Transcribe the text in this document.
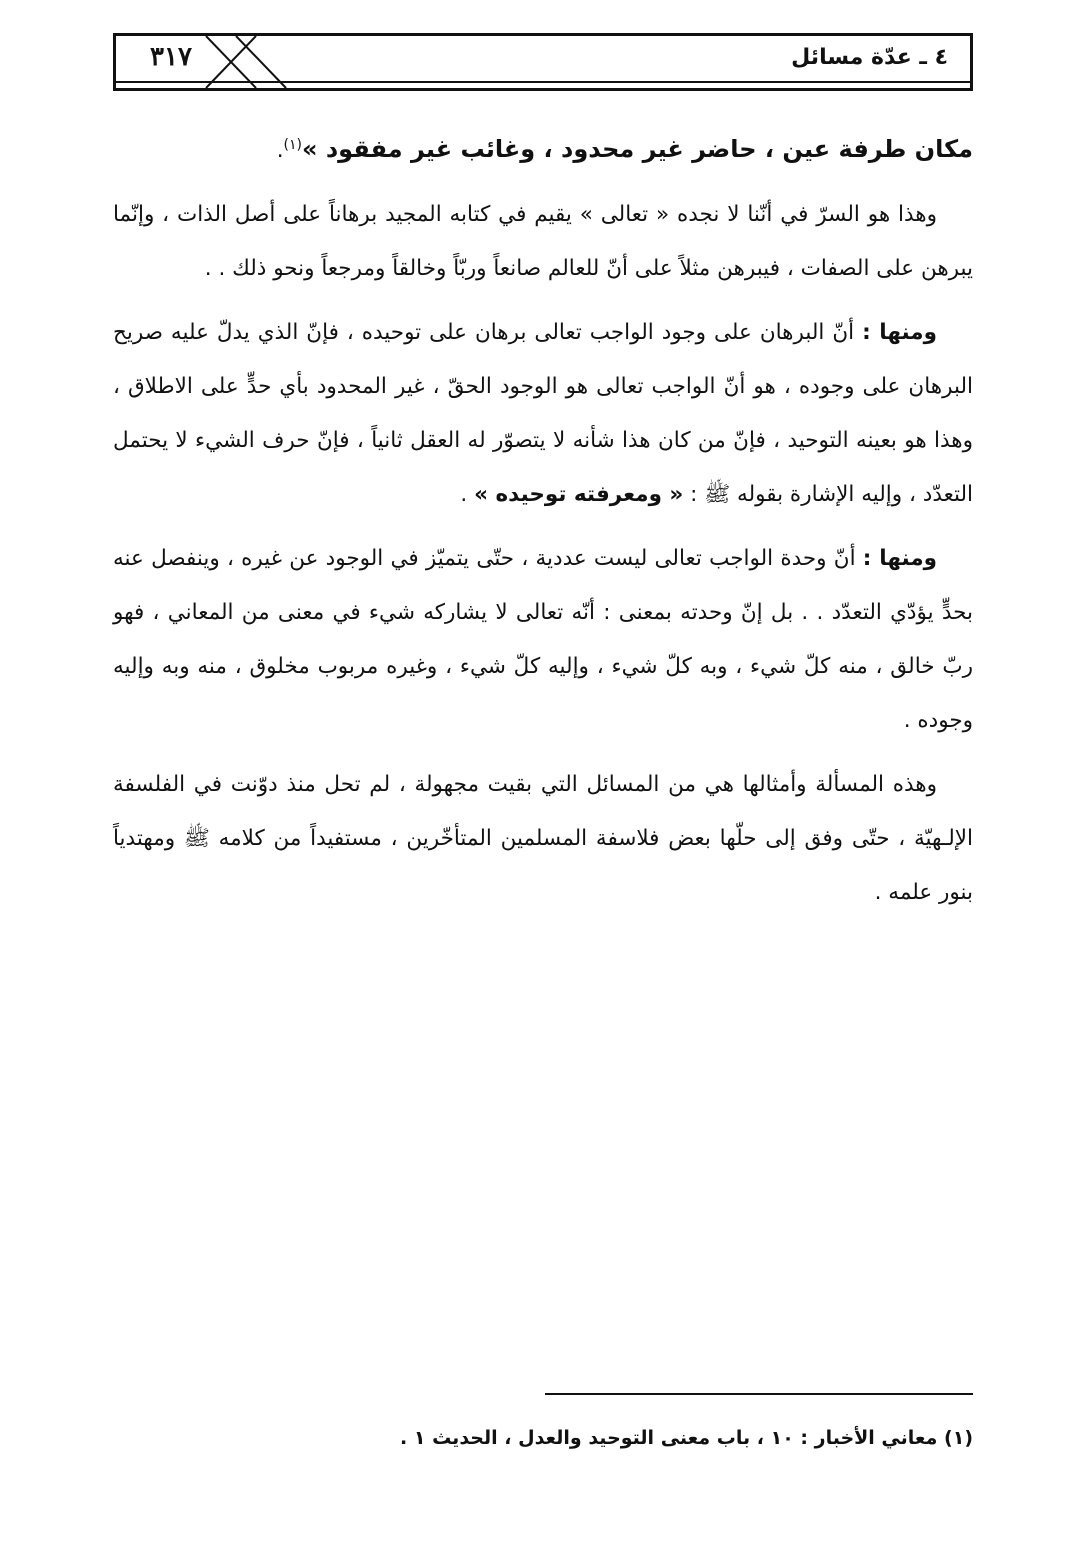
٣١٧	٤ ـ عدّة مسائل

مكان طرفة عين ، حاضر غير محدود ، وغائب غير مفقود »$^{(١)}$.

وهذا هو السرّ في أنّنا لا نجده « تعالى » يقيم في كتابه المجيد برهاناً على أصل الذات ، وإنّما يبرهن على الصفات ، فيبرهن مثلاً على أنّ للعالم صانعاً وربّاً وخالقاً ومرجعاً ونحو ذلك . .

ومنها : أنّ البرهان على وجود الواجب تعالى برهان على توحيده ، فإنّ الذي يدلّ عليه صريح البرهان على وجوده ، هو أنّ الواجب تعالى هو الوجود الحقّ ، غير المحدود بأي حدٍّ على الاطلاق ، وهذا هو بعينه التوحيد ، فإنّ من كان هذا شأنه لا يتصوّر له العقل ثانياً ، فإنّ حرف الشيء لا يحتمل التعدّد ، وإليه الإشارة بقوله ﷺ : « ومعرفته توحيده » .

ومنها : أنّ وحدة الواجب تعالى ليست عددية ، حتّى يتميّز في الوجود عن غيره ، وينفصل عنه بحدٍّ يؤدّي التعدّد . . بل إنّ وحدته بمعنى : أنّه تعالى لا يشاركه شيء في معنى من المعاني ، فهو ربّ خالق ، منه كلّ شيء ، وبه كلّ شيء ، وإليه كلّ شيء ، وغيره مربوب مخلوق ، منه وبه وإليه وجوده .

وهذه المسألة وأمثالها هي من المسائل التي بقيت مجهولة ، لم تحل منذ دوّنت في الفلسفة الإلـهيّة ، حتّى وفق إلى حلّها بعض فلاسفة المسلمين المتأخّرين ، مستفيداً من كلامه ﷺ ومهتدياً بنور علمه .

(١) معاني الأخبار : ١٠ ، باب معنى التوحيد والعدل ، الحديث ١ .
